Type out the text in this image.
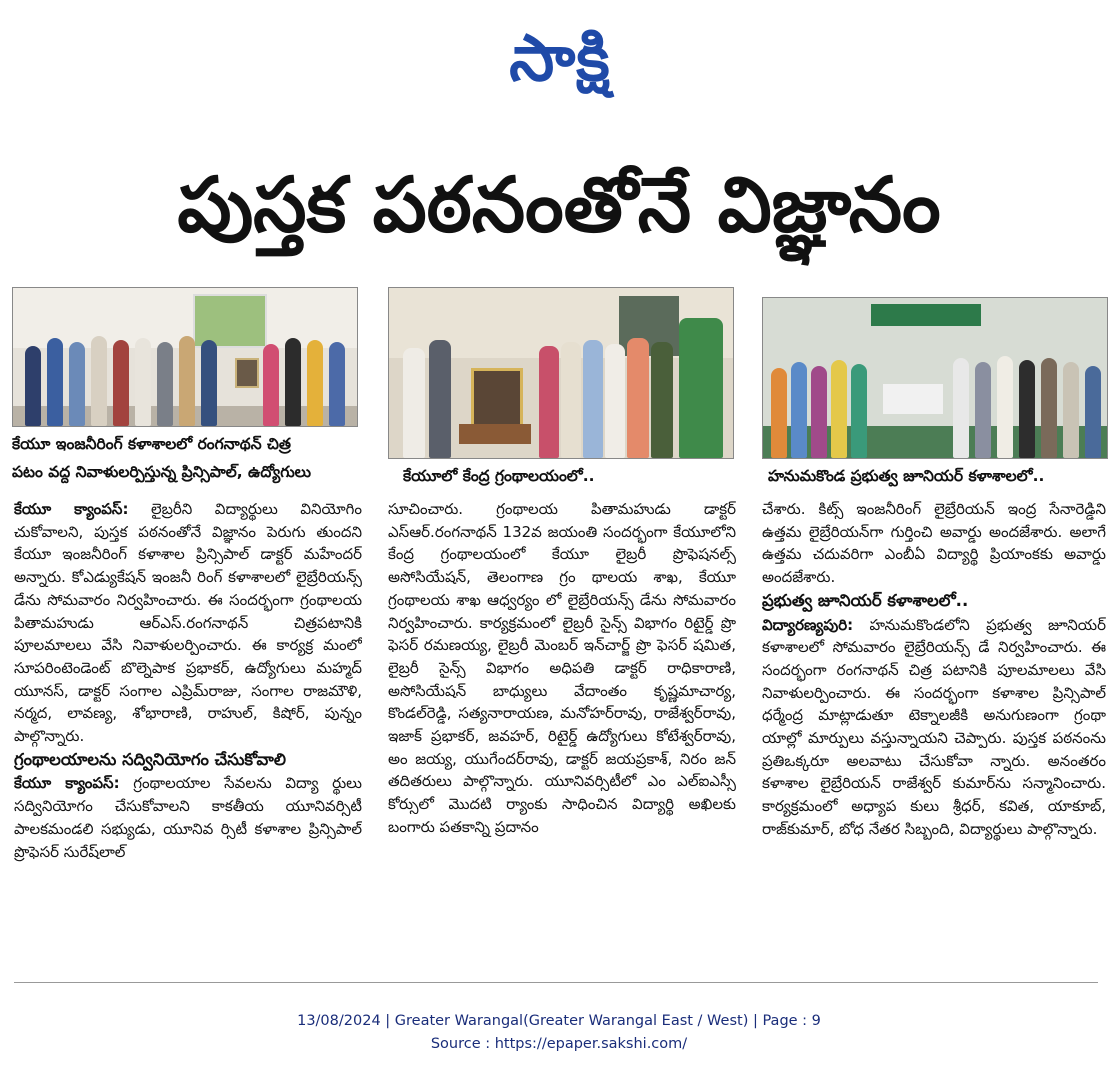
సాక్షి
పుస్తక పఠనంతోనే విజ్ఞానం
కేయూ ఇంజనీరింగ్ కళాశాలలో రంగనాథన్ చిత్ర
పటం వద్ద నివాళులర్పిస్తున్న ప్రిన్సిపాల్, ఉద్యోగులు	కేయూలో కేంద్ర గ్రంథాలయంలో..	హనుమకొండ ప్రభుత్వ జూనియర్ కళాశాలలో..
కేయూ క్యాంపస్: లైబ్రరీని విద్యార్థులు వినియోగిం చుకోవాలని, పుస్తక పఠనంతోనే విజ్ఞానం పెరుగు తుందని కేయూ ఇంజనీరింగ్ కళాశాల ప్రిన్సిపాల్ డాక్టర్ మహేందర్ అన్నారు. కోఎడ్యుకేషన్ ఇంజనీ రింగ్ కళాశాలలో లైబ్రేరియన్స్ డేను సోమవారం నిర్వహించారు. ఈ సందర్భంగా గ్రంథాలయ పితామహుడు ఆర్ఎస్.రంగనాథన్ చిత్రపటానికి పూలమాలలు వేసి నివాళులర్పించారు. ఈ కార్యక్ర మంలో సూపరింటెండెంట్ బొల్నెపాక ప్రభాకర్, ఉద్యోగులు మహ్మద్ యూనస్, డాక్టర్ సంగాల ఎప్రిమ్‌రాజు, సంగాల రాజమౌళి, నర్మద, లావణ్య, శోభారాణి, రాహుల్, కిషోర్, పున్నం పాల్గొన్నారు.
గ్రంథాలయాలను సద్వినియోగం చేసుకోవాలి
కేయూ క్యాంపస్: గ్రంథాలయాల సేవలను విద్యా ర్థులు సద్వినియోగం చేసుకోవాలని కాకతీయ యూనివర్సిటీ పాలకమండలి సభ్యుడు, యూనివ ర్సిటీ కళాశాల ప్రిన్సిపాల్ ప్రొఫెసర్ సురేష్‌లాల్
సూచించారు. గ్రంథాలయ పితామహుడు డాక్టర్ ఎస్ఆర్.రంగనాథన్ 132వ జయంతి సందర్భంగా కేయూలోని కేంద్ర గ్రంథాలయంలో కేయూ లైబ్రరీ ప్రొఫెషనల్స్ అసోసియేషన్, తెలంగాణ గ్రం థాలయ శాఖ, కేయూ గ్రంథాలయ శాఖ ఆధ్వర్యం లో లైబ్రేరియన్స్ డేను సోమవారం నిర్వహించారు. కార్యక్రమంలో లైబ్రరీ సైన్స్ విభాగం రిటైర్డ్ ప్రొ ఫెసర్ రమణయ్య, లైబ్రరీ మెంబర్ ఇన్‌చార్జ్ ప్రొ ఫెసర్ షమిత, లైబ్రరీ సైన్స్ విభాగం అధిపతి డాక్టర్ రాధికారాణి, అసోసియేషన్ బాధ్యులు వేదాంతం కృష్ణమాచార్య, కొండల్‌రెడ్డి, సత్యనారాయణ, మనోహర్‌రావు, రాజేశ్వర్‌రావు, ఇజాక్ ప్రభాకర్, జవహర్, రిటైర్డ్ ఉద్యోగులు కోటేశ్వర్‌రావు, అం జయ్య, యుగేందర్‌రావు, డాక్టర్ జయప్రకాశ్, నిరం జన్ తదితరులు పాల్గొన్నారు. యూనివర్సిటీలో ఎం ఎల్ఐఎస్సీ కోర్సులో మొదటి ర్యాంకు సాధించిన విద్యార్థి అఖిలకు బంగారు పతకాన్ని ప్రదానం
చేశారు. కిట్స్ ఇంజనీరింగ్ లైబ్రేరియన్ ఇంద్ర సేనారెడ్డిని ఉత్తమ లైబ్రేరియన్‌గా గుర్తించి అవార్డు అందజేశారు. అలాగే ఉత్తమ చదువరిగా ఎంబీఏ విద్యార్థి ప్రియాంకకు అవార్డు అందజేశారు.
ప్రభుత్వ జూనియర్ కళాశాలలో..
విద్యారణ్యపురి: హనుమకొండలోని ప్రభుత్వ జూనియర్ కళాశాలలో సోమవారం లైబ్రేరియన్స్ డే నిర్వహించారు. ఈ సందర్భంగా రంగనాథన్ చిత్ర పటానికి పూలమాలలు వేసి నివాళులర్పించారు. ఈ సందర్భంగా కళాశాల ప్రిన్సిపాల్ ధర్మేంద్ర మాట్లాడుతూ టెక్నాలజీకి అనుగుణంగా గ్రంథా యాల్లో మార్పులు వస్తున్నాయని చెప్పారు. పుస్తక పఠనంను ప్రతిఒక్కరూ అలవాటు చేసుకోవా న్నారు. అనంతరం కళాశాల లైబ్రేరియన్ రాజేశ్వర్ కుమార్‌ను సన్మానించారు. కార్యక్రమంలో అధ్యాప కులు శ్రీధర్, కవిత, యాకూబ్, రాజ్‌కుమార్, బోధ నేతర సిబ్బంది, విద్యార్థులు పాల్గొన్నారు.
13/08/2024 | Greater Warangal(Greater Warangal East / West) | Page : 9
Source : https://epaper.sakshi.com/
